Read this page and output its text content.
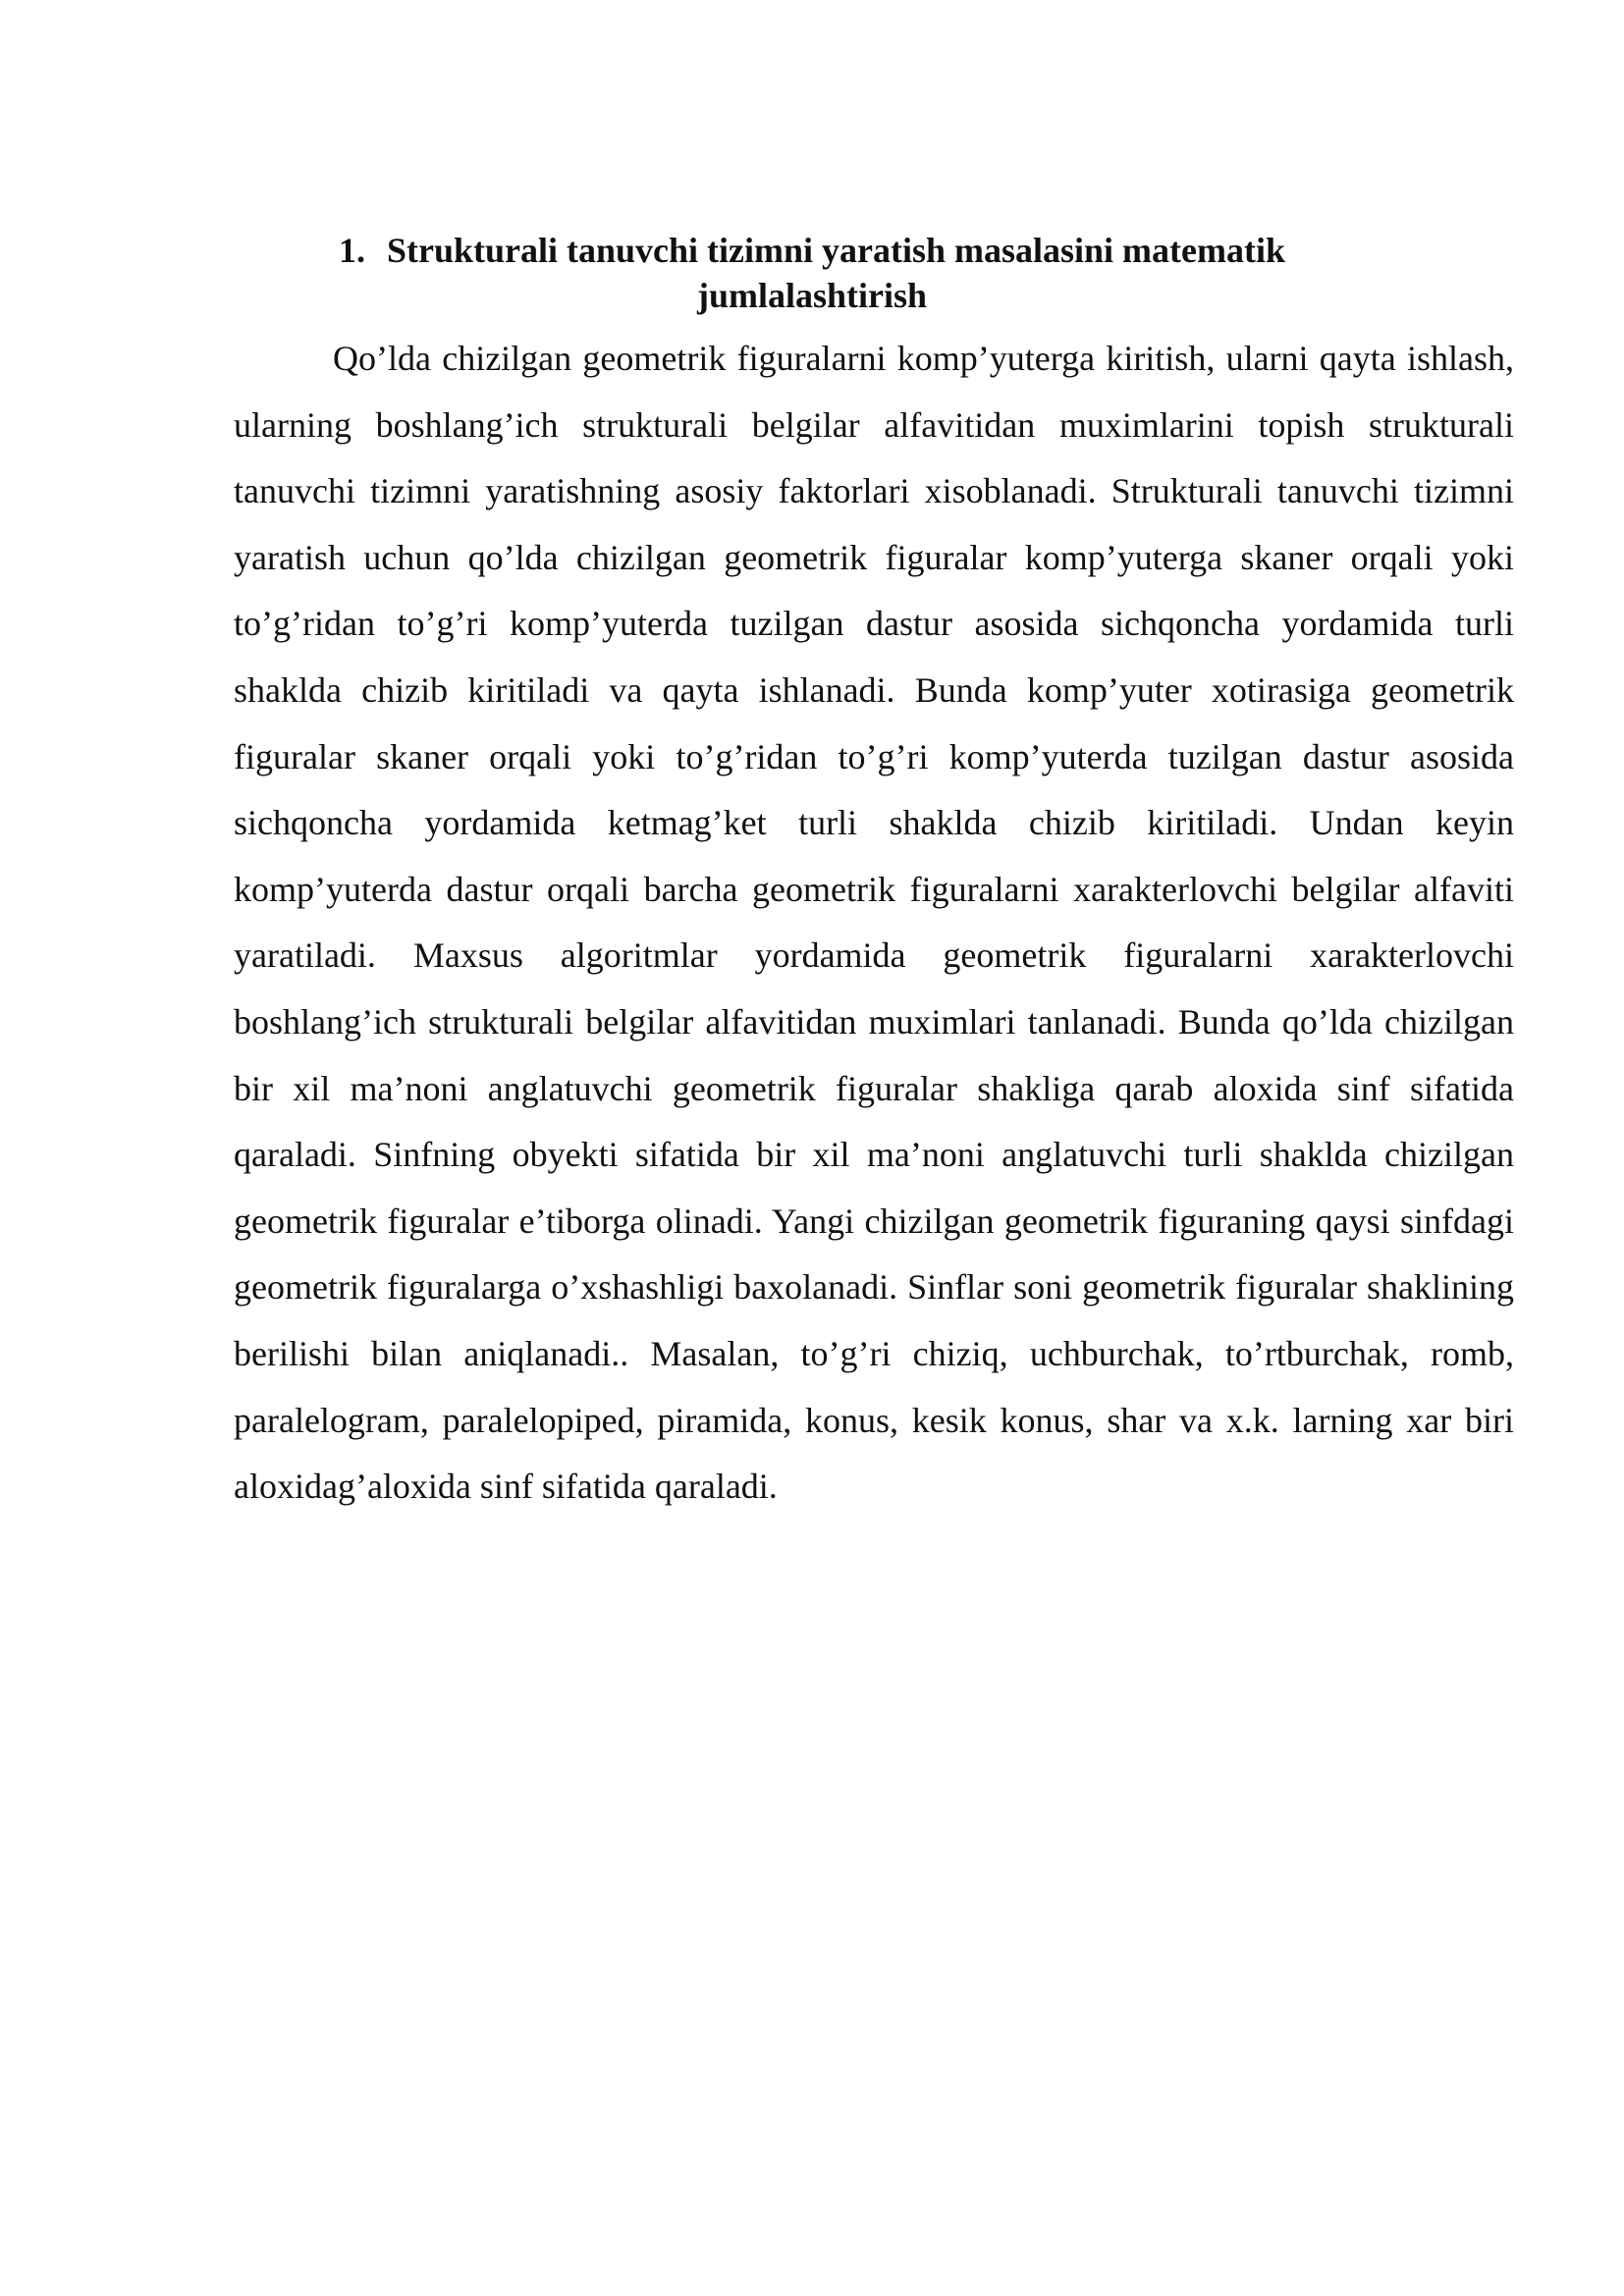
1. Strukturali tanuvchi tizimni yaratish masalasini matematik
jumlalashtirish

Qo’lda chizilgan geometrik figuralarni komp’yuterga kiritish, ularni qayta ishlash, ularning boshlang’ich strukturali belgilar alfavitidan muximlarini topish strukturali tanuvchi tizimni yaratishning asosiy faktorlari xisoblanadi. Strukturali tanuvchi tizimni yaratish uchun qo’lda chizilgan geometrik figuralar komp’yuterga skaner orqali yoki to’g’ridan to’g’ri komp’yuterda tuzilgan dastur asosida sichqoncha yordamida turli shaklda chizib kiritiladi va qayta ishlanadi. Bunda komp’yuter xotirasiga geometrik figuralar skaner orqali yoki to’g’ridan to’g’ri komp’yuterda tuzilgan dastur asosida sichqoncha yordamida ketmag’ket turli shaklda chizib kiritiladi. Undan keyin komp’yuterda dastur orqali barcha geometrik figuralarni xarakterlovchi belgilar alfaviti yaratiladi. Maxsus algoritmlar yordamida geometrik figuralarni xarakterlovchi boshlang’ich strukturali belgilar alfavitidan muximlari tanlanadi. Bunda qo’lda chizilgan bir xil ma’noni anglatuvchi geometrik figuralar shakliga qarab aloxida sinf sifatida qaraladi. Sinfning obyekti sifatida bir xil ma’noni anglatuvchi turli shaklda chizilgan geometrik figuralar e’tiborga olinadi. Yangi chizilgan geometrik figuraning qaysi sinfdagi geometrik figuralarga o’xshashligi baxolanadi. Sinflar soni geometrik figuralar shaklining berilishi bilan aniqlanadi.. Masalan, to’g’ri chiziq, uchburchak, to’rtburchak, romb, paralelogram, paralelopiped, piramida, konus, kesik konus, shar va x.k. larning xar biri aloxidag’aloxida sinf sifatida qaraladi.
